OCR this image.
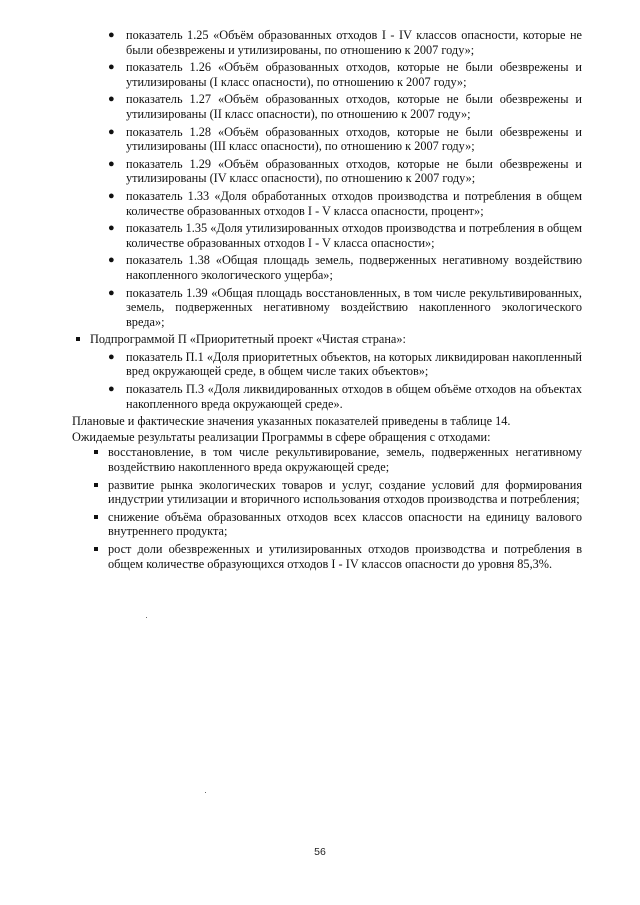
● показатель 1.25 «Объём образованных отходов I - IV классов опасности, которые не были обезврежены и утилизированы, по отношению к 2007 году»;
● показатель 1.26 «Объём образованных отходов, которые не были обезврежены и утилизированы (I класс опасности), по отношению к 2007 году»;
● показатель 1.27 «Объём образованных отходов, которые не были обезврежены и утилизированы (II класс опасности), по отношению к 2007 году»;
● показатель 1.28 «Объём образованных отходов, которые не были обезврежены и утилизированы (III класс опасности), по отношению к 2007 году»;
● показатель 1.29 «Объём образованных отходов, которые не были обезврежены и утилизированы (IV класс опасности), по отношению к 2007 году»;
● показатель 1.33 «Доля обработанных отходов производства и потребления в общем количестве образованных отходов I - V класса опасности, процент»;
● показатель 1.35 «Доля утилизированных отходов производства и потребления в общем количестве образованных отходов I - V класса опасности»;
● показатель 1.38 «Общая площадь земель, подверженных негативному воздействию накопленного экологического ущерба»;
● показатель 1.39 «Общая площадь восстановленных, в том числе рекультивированных, земель, подверженных негативному воздействию накопленного экологического вреда»;
Подпрограммой П «Приоритетный проект «Чистая страна»:
● показатель П.1 «Доля приоритетных объектов, на которых ликвидирован накопленный вред окружающей среде, в общем числе таких объектов»;
● показатель П.3 «Доля ликвидированных отходов в общем объёме отходов на объектах накопленного вреда окружающей среде».
Плановые и фактические значения указанных показателей приведены в таблице 14.
Ожидаемые результаты реализации Программы в сфере обращения с отходами:
восстановление, в том числе рекультивирование, земель, подверженных негативному воздействию накопленного вреда окружающей среде;
развитие рынка экологических товаров и услуг, создание условий для формирования индустрии утилизации и вторичного использования отходов производства и потребления;
снижение объёма образованных отходов всех классов опасности на единицу валового внутреннего продукта;
рост доли обезвреженных и утилизированных отходов производства и потребления в общем количестве образующихся отходов I - IV классов опасности до уровня 85,3%.
56
